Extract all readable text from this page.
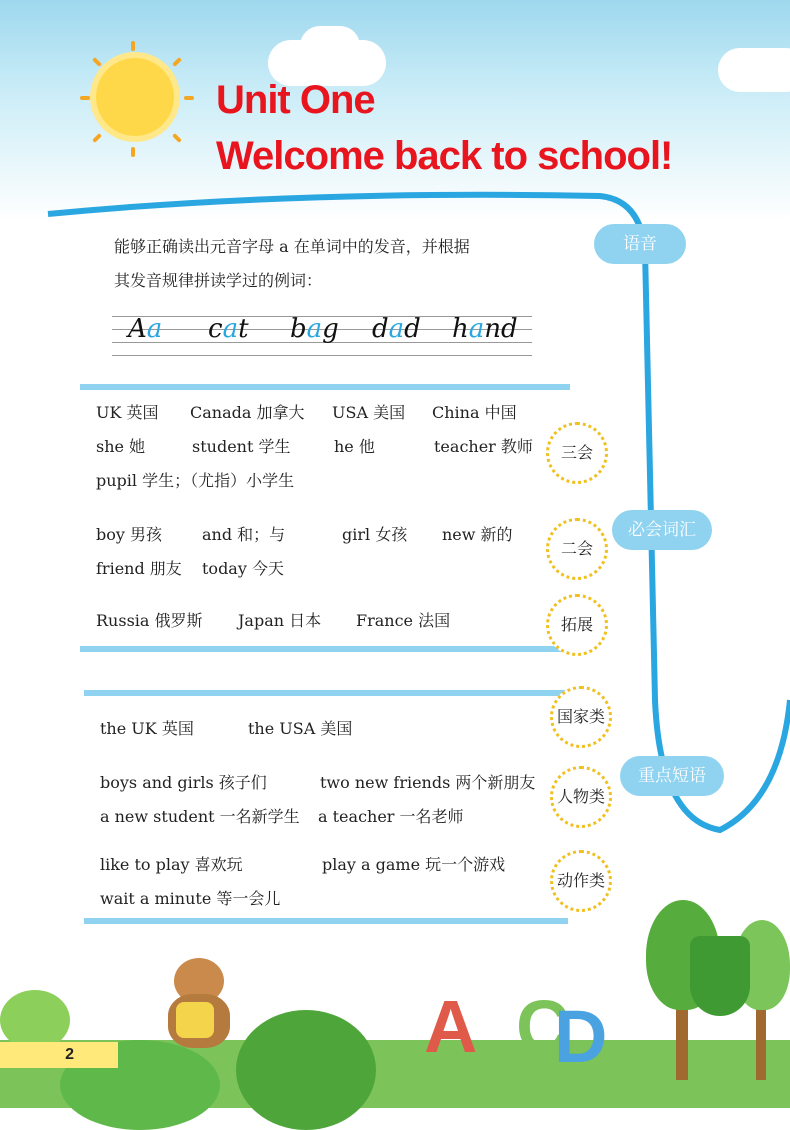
Unit One
Welcome back to school!
语音
能够正确读出元音字母 a 在单词中的发音，并根据
其发音规律拼读学过的例词：
Aa cat bag dad hand
必会词汇
三会
二会
拓展
UK 英国 Canada 加拿大 USA 美国 China 中国
she 她	student 学生	he 他	teacher 教师
pupil 学生；（尤指）小学生
boy 男孩 and 和；与	girl 女孩 new 新的
friend 朋友 today 今天
Russia 俄罗斯 Japan 日本 France 法国
重点短语
国家类
人物类
动作类
the UK 英国	the USA 美国
boys and girls 孩子们	two new friends 两个新朋友
a new student 一名新学生 a teacher 一名老师
like to play 喜欢玩	play a game 玩一个游戏
wait a minute 等一会儿
A C
D
2
